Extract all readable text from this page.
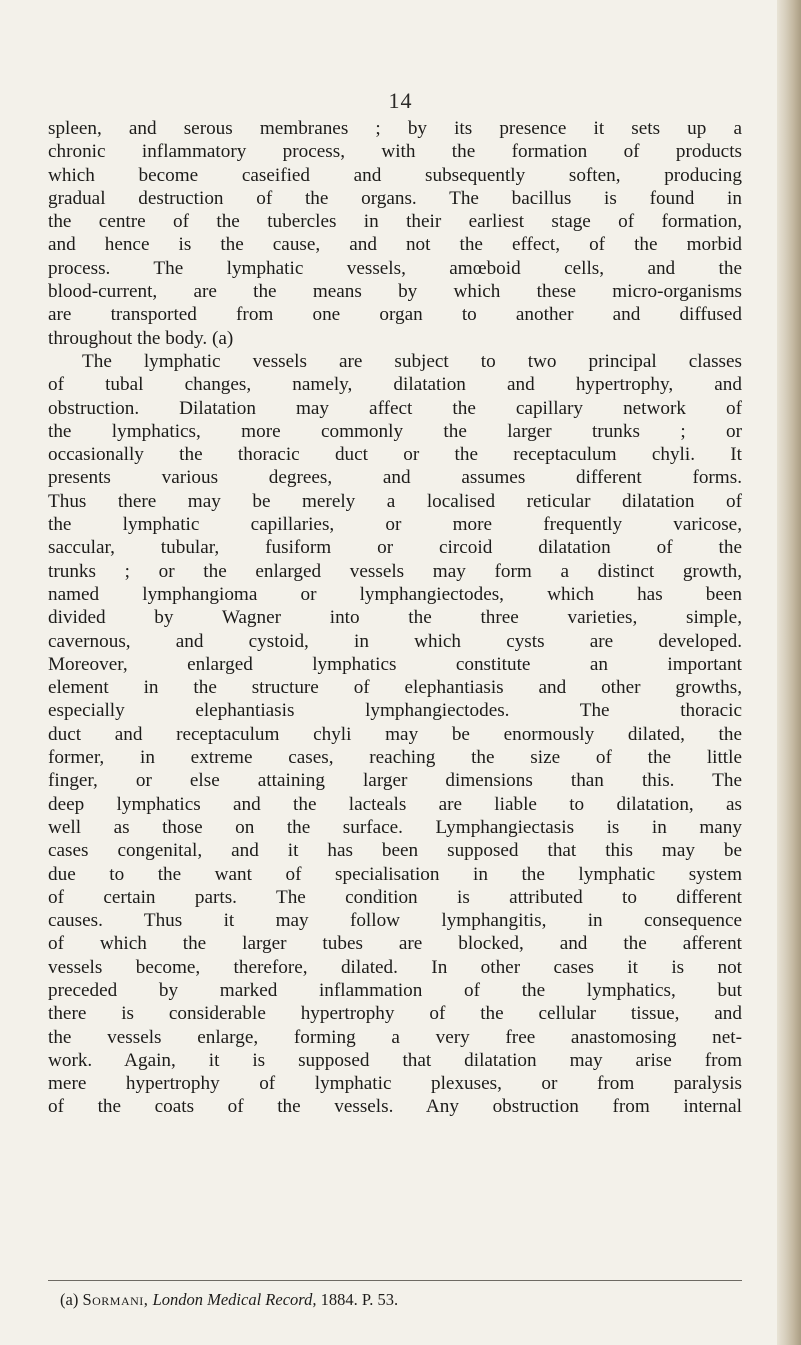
14
spleen, and serous membranes ; by its presence it sets up a
chronic inflammatory process, with the formation of products
which become caseified and subsequently soften, producing
gradual destruction of the organs. The bacillus is found in
the centre of the tubercles in their earliest stage of formation,
and hence is the cause, and not the effect, of the morbid
process. The lymphatic vessels, amœboid cells, and the
blood-current, are the means by which these micro-organisms
are transported from one organ to another and diffused
throughout the body. (a)
The lymphatic vessels are subject to two principal classes
of tubal changes, namely, dilatation and hypertrophy, and
obstruction. Dilatation may affect the capillary network of
the lymphatics, more commonly the larger trunks ; or
occasionally the thoracic duct or the receptaculum chyli. It
presents various degrees, and assumes different forms.
Thus there may be merely a localised reticular dilatation of
the lymphatic capillaries, or more frequently varicose,
saccular, tubular, fusiform or circoid dilatation of the
trunks ; or the enlarged vessels may form a distinct growth,
named lymphangioma or lymphangiectodes, which has been
divided by Wagner into the three varieties, simple,
cavernous, and cystoid, in which cysts are developed.
Moreover, enlarged lymphatics constitute an important
element in the structure of elephantiasis and other growths,
especially elephantiasis lymphangiectodes. The thoracic
duct and receptaculum chyli may be enormously dilated, the
former, in extreme cases, reaching the size of the little
finger, or else attaining larger dimensions than this. The
deep lymphatics and the lacteals are liable to dilatation, as
well as those on the surface. Lymphangiectasis is in many
cases congenital, and it has been supposed that this may be
due to the want of specialisation in the lymphatic system
of certain parts. The condition is attributed to different
causes. Thus it may follow lymphangitis, in consequence
of which the larger tubes are blocked, and the afferent
vessels become, therefore, dilated. In other cases it is not
preceded by marked inflammation of the lymphatics, but
there is considerable hypertrophy of the cellular tissue, and
the vessels enlarge, forming a very free anastomosing net-
work. Again, it is supposed that dilatation may arise from
mere hypertrophy of lymphatic plexuses, or from paralysis
of the coats of the vessels. Any obstruction from internal
(a) Sormani, London Medical Record, 1884. P. 53.
